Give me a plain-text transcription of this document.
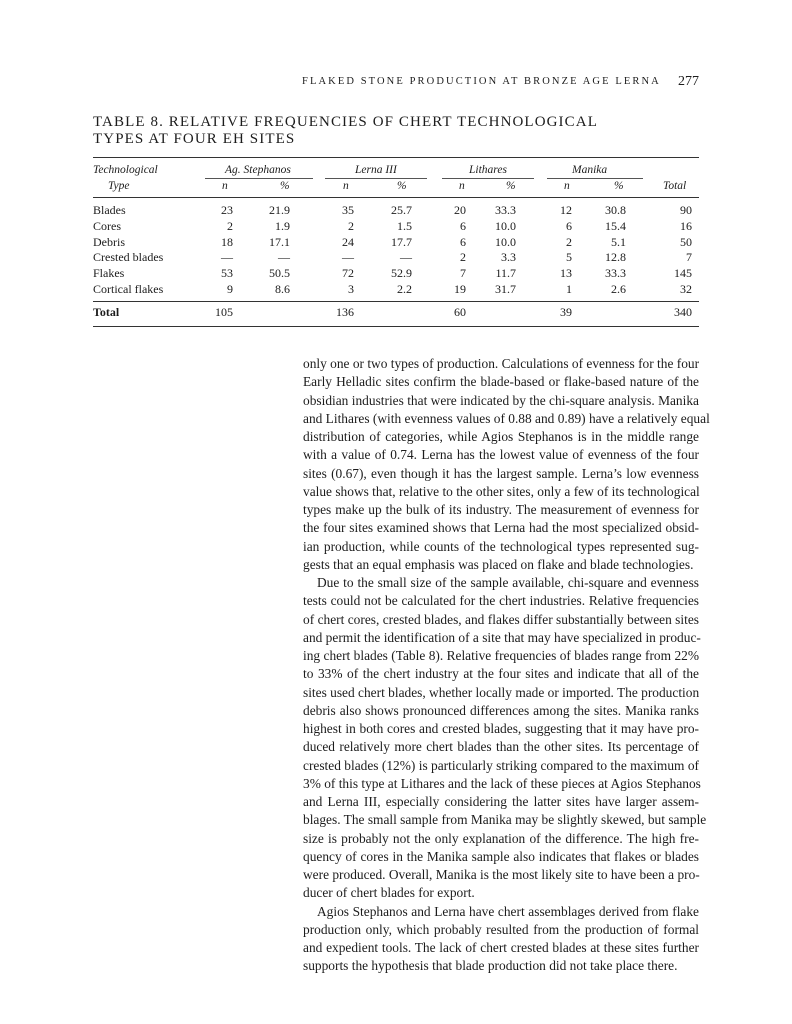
FLAKED STONE PRODUCTION AT BRONZE AGE LERNA 277
TABLE 8. RELATIVE FREQUENCIES OF CHERT TECHNOLOGICAL
TYPES AT FOUR EH SITES
Technological
Type
Ag. Stephanos	Lerna III	Lithares	Manika
n	%	n	%	n	%	n	%	Total
Blades	23	21.9	35	25.7	20 33.3	12	30.8	90
Cores	2	1.9	2	1.5	6 10.0	6	15.4	16
Debris	18	17.1	24	17.7	6 10.0	2	5.1	50
Crested blades	—	—	—	—	2	3.3	5	12.8	7
Flakes	53	50.5	72	52.9	7 11.7	13	33.3	145
Cortical flakes	9	8.6	3	2.2	19 31.7	1	2.6	32
Total	105	136	60	39	340
only one or two types of production. Calculations of evenness for the four
Early Helladic sites confirm the blade-based or flake-based nature of the
obsidian industries that were indicated by the chi-square analysis. Manika
and Lithares (with evenness values of 0.88 and 0.89) have a relatively equal
distribution of categories, while Agios Stephanos is in the middle range
with a value of 0.74. Lerna has the lowest value of evenness of the four
sites (0.67), even though it has the largest sample. Lerna’s low evenness
value shows that, relative to the other sites, only a few of its technological
types make up the bulk of its industry. The measurement of evenness for
the four sites examined shows that Lerna had the most specialized obsid-
ian production, while counts of the technological types represented sug-
gests that an equal emphasis was placed on flake and blade technologies.
Due to the small size of the sample available, chi-square and evenness
tests could not be calculated for the chert industries. Relative frequencies
of chert cores, crested blades, and flakes differ substantially between sites
and permit the identification of a site that may have specialized in produc-
ing chert blades (Table 8). Relative frequencies of blades range from 22%
to 33% of the chert industry at the four sites and indicate that all of the
sites used chert blades, whether locally made or imported. The production
debris also shows pronounced differences among the sites. Manika ranks
highest in both cores and crested blades, suggesting that it may have pro-
duced relatively more chert blades than the other sites. Its percentage of
crested blades (12%) is particularly striking compared to the maximum of
3% of this type at Lithares and the lack of these pieces at Agios Stephanos
and Lerna III, especially considering the latter sites have larger assem-
blages. The small sample from Manika may be slightly skewed, but sample
size is probably not the only explanation of the difference. The high fre-
quency of cores in the Manika sample also indicates that flakes or blades
were produced. Overall, Manika is the most likely site to have been a pro-
ducer of chert blades for export.
Agios Stephanos and Lerna have chert assemblages derived from flake
production only, which probably resulted from the production of formal
and expedient tools. The lack of chert crested blades at these sites further
supports the hypothesis that blade production did not take place there.
